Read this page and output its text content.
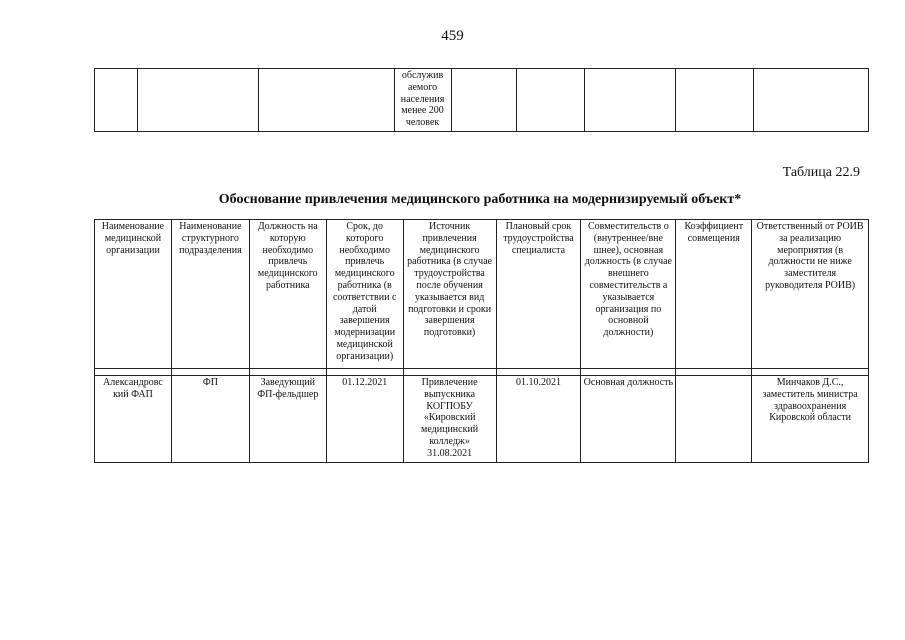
459
			обслужив аемого населения менее 200 человек					
Таблица 22.9
Обоснование привлечения медицинского работника на модернизируемый объект*
Наименование медицинской организации	Наименование структурного подразделения	Должность на которую необходимо привлечь медицинского работника	Срок, до которого необходимо привлечь медицинского работника (в соответствии с датой завершения модернизации медицинской организации)	Источник привлечения медицинского работника (в случае трудоустройства после обучения указывается вид подготовки и сроки завершения подготовки)	Плановый срок трудоустройства специалиста	Совместительств о (внутреннее/вне шнее), основная должность (в случае внешнего совместительств а указывается организация по основной должности)	Коэффициент совмещения	Ответственный от РОИВ за реализацию мероприятия (в должности не ниже заместителя руководителя РОИВ)

Александровс кий ФАП	ФП	Заведующий ФП-фельдшер	01.12.2021	Привлечение выпускника КОГПОБУ «Кировский медицинский колледж» 31.08.2021	01.10.2021	Основная должность		Минчаков Д.С., заместитель министра здравоохранения Кировской области
